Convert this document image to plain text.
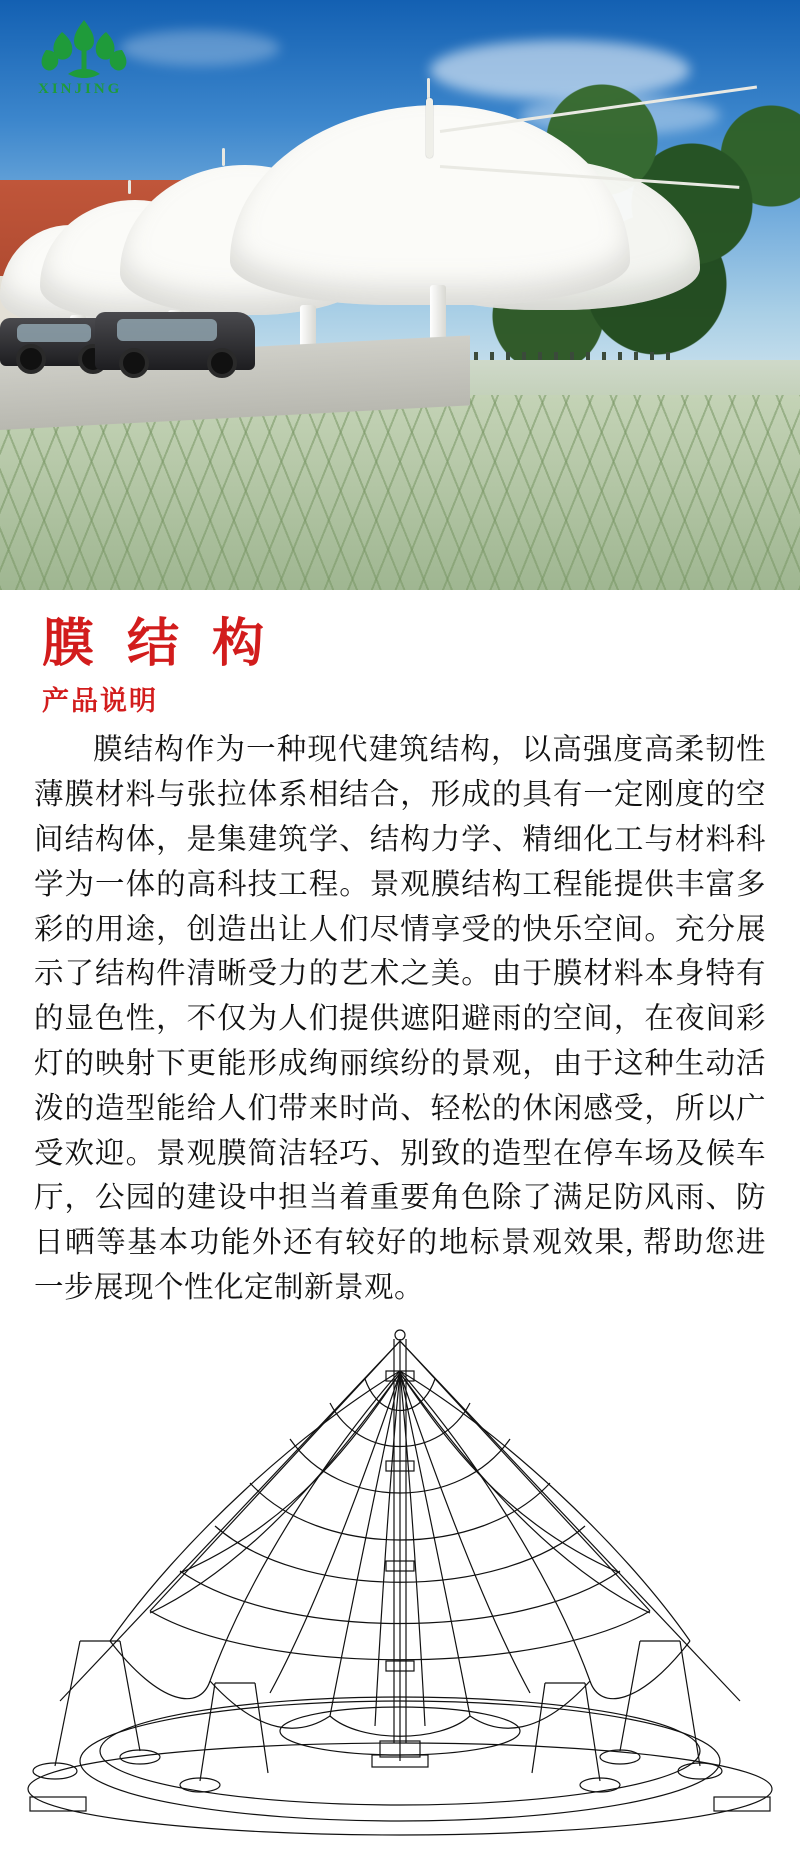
XINJING
膜 结 构
产品说明

膜结构作为一种现代建筑结构，以高强度高柔韧性薄膜材料与张拉体系相结合，形成的具有一定刚度的空间结构体，是集建筑学、结构力学、精细化工与材料科学为一体的高科技工程。景观膜结构工程能提供丰富多彩的用途，创造出让人们尽情享受的快乐空间。充分展示了结构件清晰受力的艺术之美。由于膜材料本身特有的显色性，不仅为人们提供遮阳避雨的空间，在夜间彩灯的映射下更能形成绚丽缤纷的景观，由于这种生动活泼的造型能给人们带来时尚、轻松的休闲感受，所以广受欢迎。景观膜简洁轻巧、别致的造型在停车场及候车厅，公园的建设中担当着重要角色除了满足防风雨、防日晒等基本功能外还有较好的地标景观效果, 帮助您进一步展现个性化定制新景观。
